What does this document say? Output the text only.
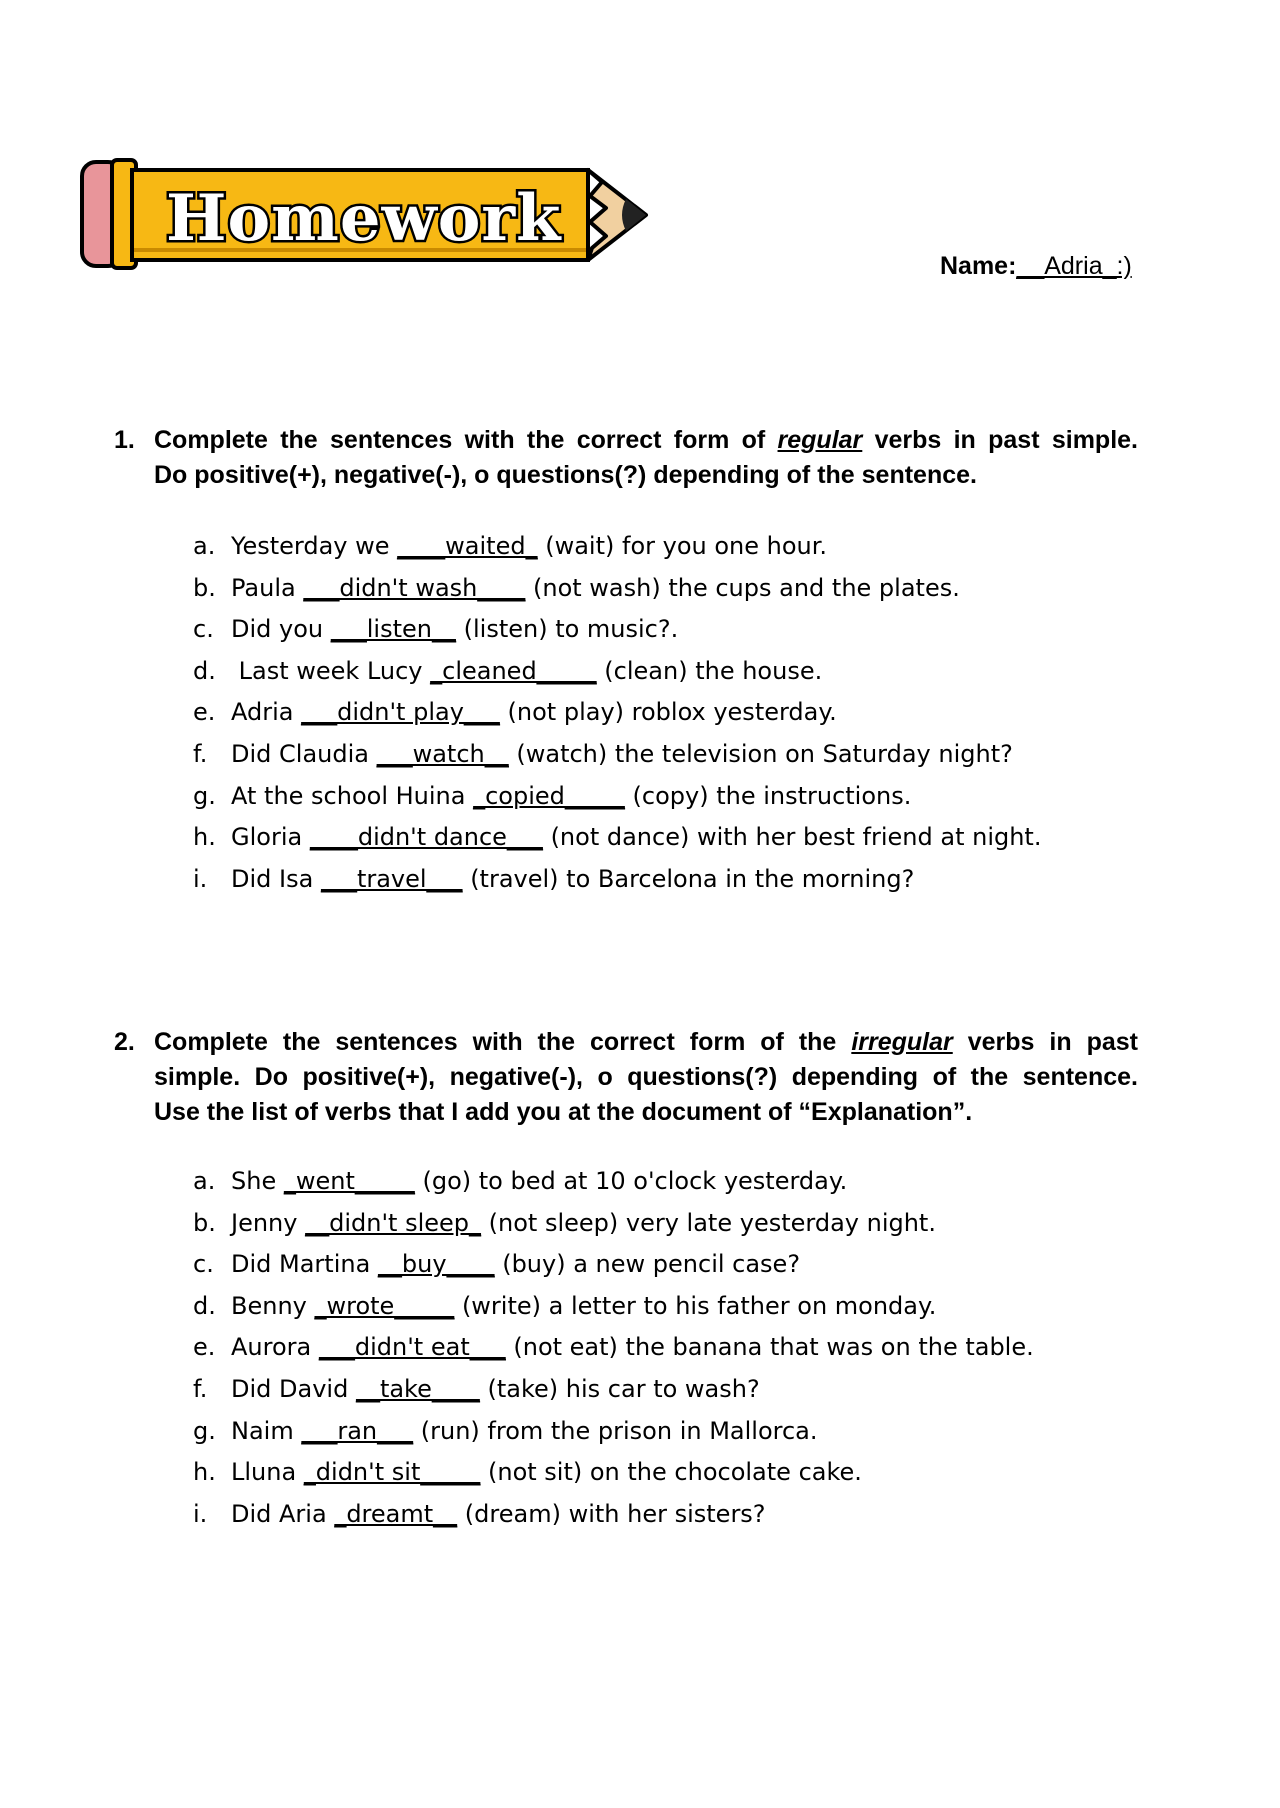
Homework
Name:__Adria_:)
1. Complete the sentences with the correct form of regular verbs in past simple.
Do positive(+), negative(-), o questions(?) depending of the sentence.
a. Yesterday we ____waited_ (wait) for you one hour.
b. Paula ___didn't wash____ (not wash) the cups and the plates.
c. Did you ___listen__ (listen) to music?.
d. Last week Lucy _cleaned_____ (clean) the house.
e. Adria ___didn't play___ (not play) roblox yesterday.
f. Did Claudia ___watch__ (watch) the television on Saturday night?
g. At the school Huina _copied_____ (copy) the instructions.
h. Gloria ____didn't dance___ (not dance) with her best friend at night.
i. Did Isa ___travel___ (travel) to Barcelona in the morning?
2. Complete the sentences with the correct form of the irregular verbs in past
simple. Do positive(+), negative(-), o questions(?) depending of the sentence.
Use the list of verbs that I add you at the document of “Explanation”.
a. She _went_____ (go) to bed at 10 o'clock yesterday.
b. Jenny __didn't sleep_ (not sleep) very late yesterday night.
c. Did Martina __buy____ (buy) a new pencil case?
d. Benny _wrote_____ (write) a letter to his father on monday.
e. Aurora ___didn't eat___ (not eat) the banana that was on the table.
f. Did David __take____ (take) his car to wash?
g. Naim ___ran___ (run) from the prison in Mallorca.
h. Lluna _didn't sit_____ (not sit) on the chocolate cake.
i. Did Aria _dreamt__ (dream) with her sisters?
